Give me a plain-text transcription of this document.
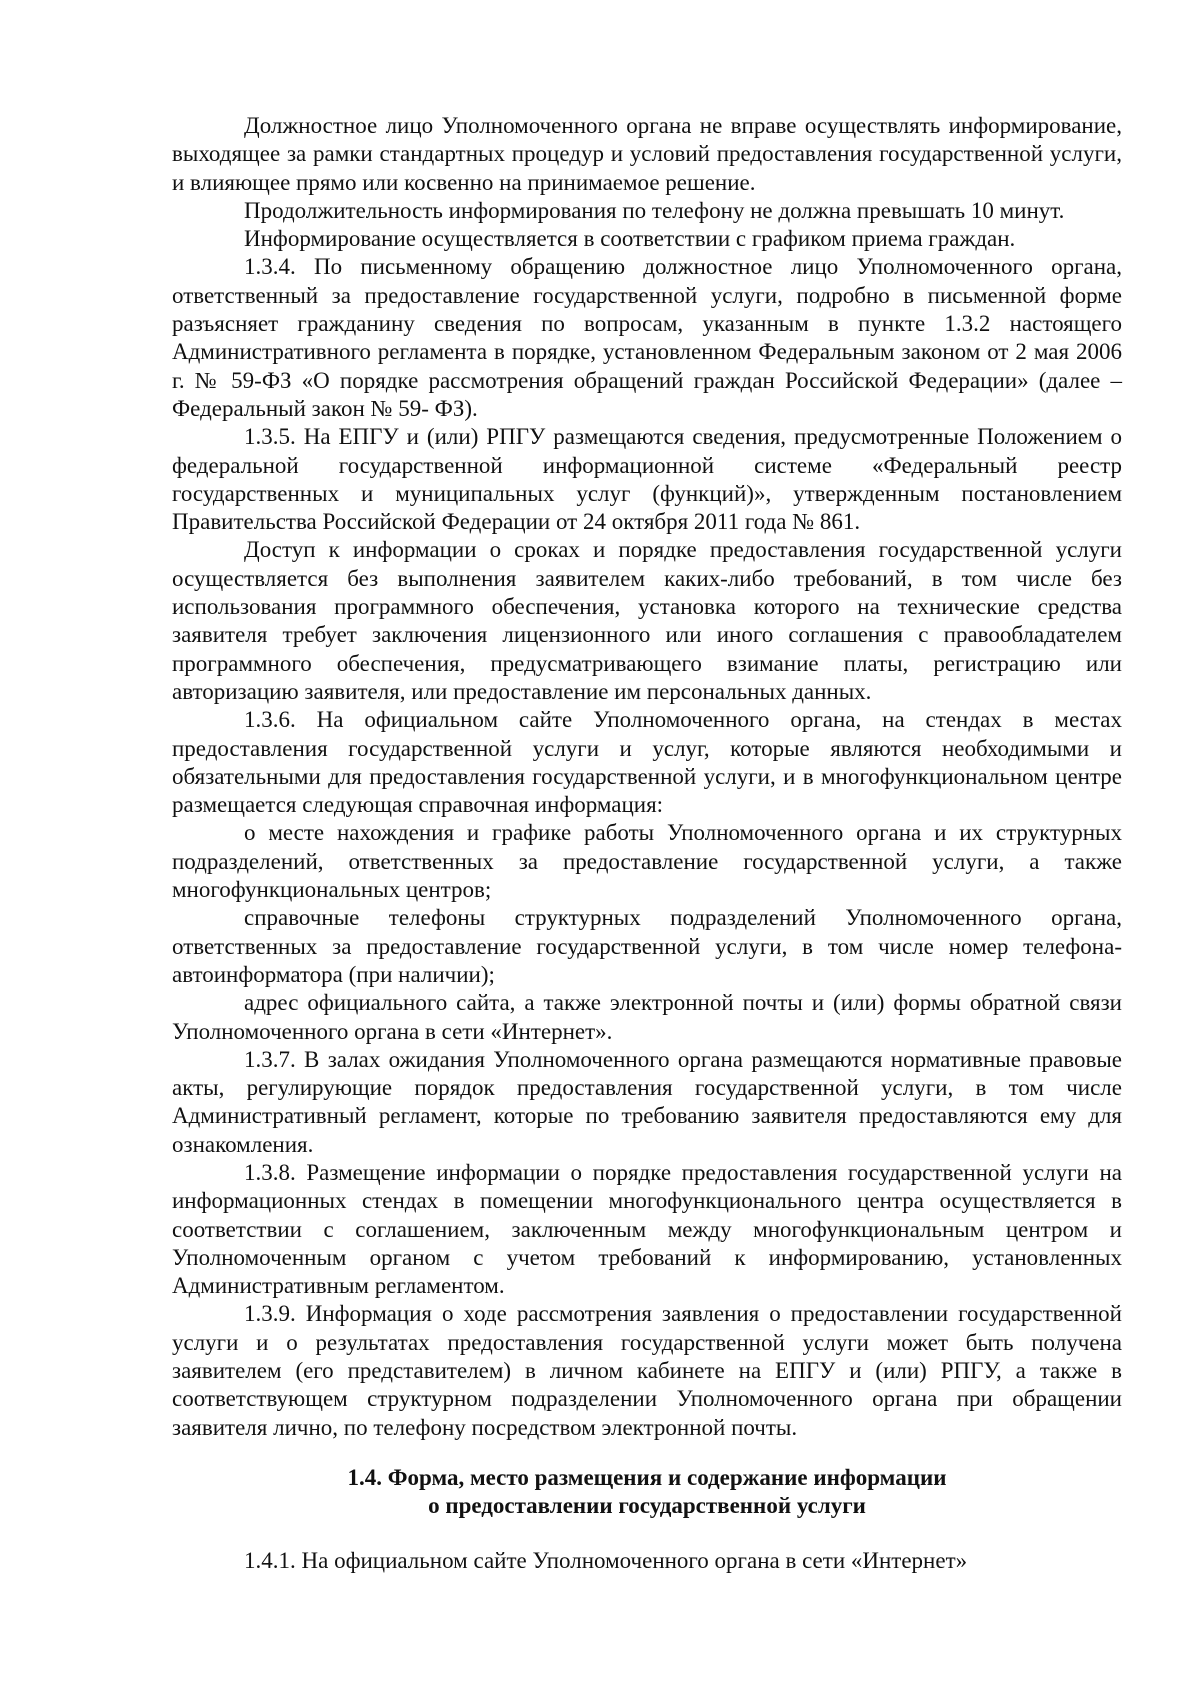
Должностное лицо Уполномоченного органа не вправе осуществлять информирование, выходящее за рамки стандартных процедур и условий предоставления государственной услуги, и влияющее прямо или косвенно на принимаемое решение.

Продолжительность информирования по телефону не должна превышать 10 минут.

Информирование осуществляется в соответствии с графиком приема граждан.

1.3.4. По письменному обращению должностное лицо Уполномоченного органа, ответственный за предоставление государственной услуги, подробно в письменной форме разъясняет гражданину сведения по вопросам, указанным в пункте 1.3.2 настоящего Административного регламента в порядке, установленном Федеральным законом от 2 мая 2006 г. № 59-ФЗ «О порядке рассмотрения обращений граждан Российской Федерации» (далее – Федеральный закон № 59- ФЗ).

1.3.5. На ЕПГУ и (или) РПГУ размещаются сведения, предусмотренные Положением о федеральной государственной информационной системе «Федеральный реестр государственных и муниципальных услуг (функций)», утвержденным постановлением Правительства Российской Федерации от 24 октября 2011 года № 861.

Доступ к информации о сроках и порядке предоставления государственной услуги осуществляется без выполнения заявителем каких-либо требований, в том числе без использования программного обеспечения, установка которого на технические средства заявителя требует заключения лицензионного или иного соглашения с правообладателем программного обеспечения, предусматривающего взимание платы, регистрацию или авторизацию заявителя, или предоставление им персональных данных.

1.3.6. На официальном сайте Уполномоченного органа, на стендах в местах предоставления государственной услуги и услуг, которые являются необходимыми и обязательными для предоставления государственной услуги, и в многофункциональном центре размещается следующая справочная информация:

о месте нахождения и графике работы Уполномоченного органа и их структурных подразделений, ответственных за предоставление государственной услуги, а также многофункциональных центров;

справочные телефоны структурных подразделений Уполномоченного органа, ответственных за предоставление государственной услуги, в том числе номер телефона-автоинформатора (при наличии);

адрес официального сайта, а также электронной почты и (или) формы обратной связи Уполномоченного органа в сети «Интернет».

1.3.7. В залах ожидания Уполномоченного органа размещаются нормативные правовые акты, регулирующие порядок предоставления государственной услуги, в том числе Административный регламент, которые по требованию заявителя предоставляются ему для ознакомления.

1.3.8. Размещение информации о порядке предоставления государственной услуги на информационных стендах в помещении многофункционального центра осуществляется в соответствии с соглашением, заключенным между многофункциональным центром и Уполномоченным органом с учетом требований к информированию, установленных Административным регламентом.

1.3.9. Информация о ходе рассмотрения заявления о предоставлении государственной услуги и о результатах предоставления государственной услуги может быть получена заявителем (его представителем) в личном кабинете на ЕПГУ и (или) РПГУ, а также в соответствующем структурном подразделении Уполномоченного органа при обращении заявителя лично, по телефону посредством электронной почты.

1.4. Форма, место размещения и содержание информации
о предоставлении государственной услуги

1.4.1. На официальном сайте Уполномоченного органа в сети «Интернет»
